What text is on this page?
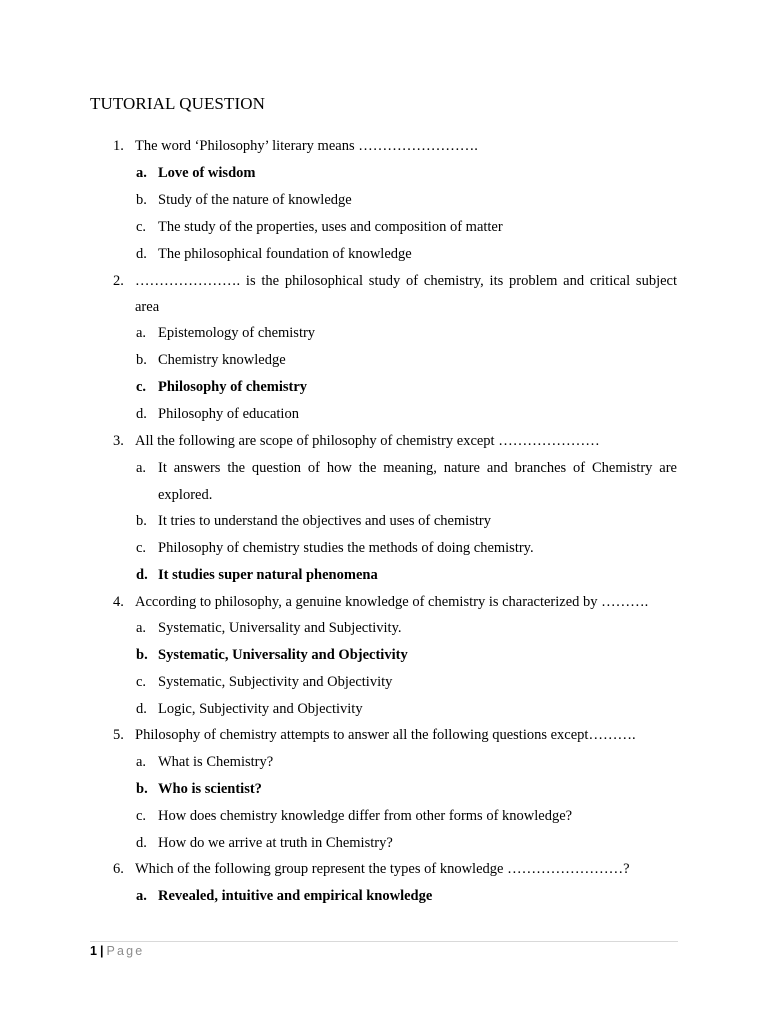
TUTORIAL QUESTION
1. The word ‘Philosophy’ literary means …………………….
a. Love of wisdom
b. Study of the nature of knowledge
c. The study of the properties, uses and composition of matter
d. The philosophical foundation of knowledge
2. …………………. is the philosophical study of chemistry, its problem and critical subject
area
a. Epistemology of chemistry
b. Chemistry knowledge
c. Philosophy of chemistry
d. Philosophy of education
3. All the following are scope of philosophy of chemistry except …………………
a. It answers the question of how the meaning, nature and branches of Chemistry are
explored.
b. It tries to understand the objectives and uses of chemistry
c. Philosophy of chemistry studies the methods of doing chemistry.
d. It studies super natural phenomena
4. According to philosophy, a genuine knowledge of chemistry is characterized by ……….
a. Systematic, Universality and Subjectivity.
b. Systematic, Universality and Objectivity
c. Systematic, Subjectivity and Objectivity
d. Logic, Subjectivity and Objectivity
5. Philosophy of chemistry attempts to answer all the following questions except……….
a. What is Chemistry?
b. Who is scientist?
c. How does chemistry knowledge differ from other forms of knowledge?
d. How do we arrive at truth in Chemistry?
6. Which of the following group represent the types of knowledge ……………………?
a. Revealed, intuitive and empirical knowledge
1 | Page
